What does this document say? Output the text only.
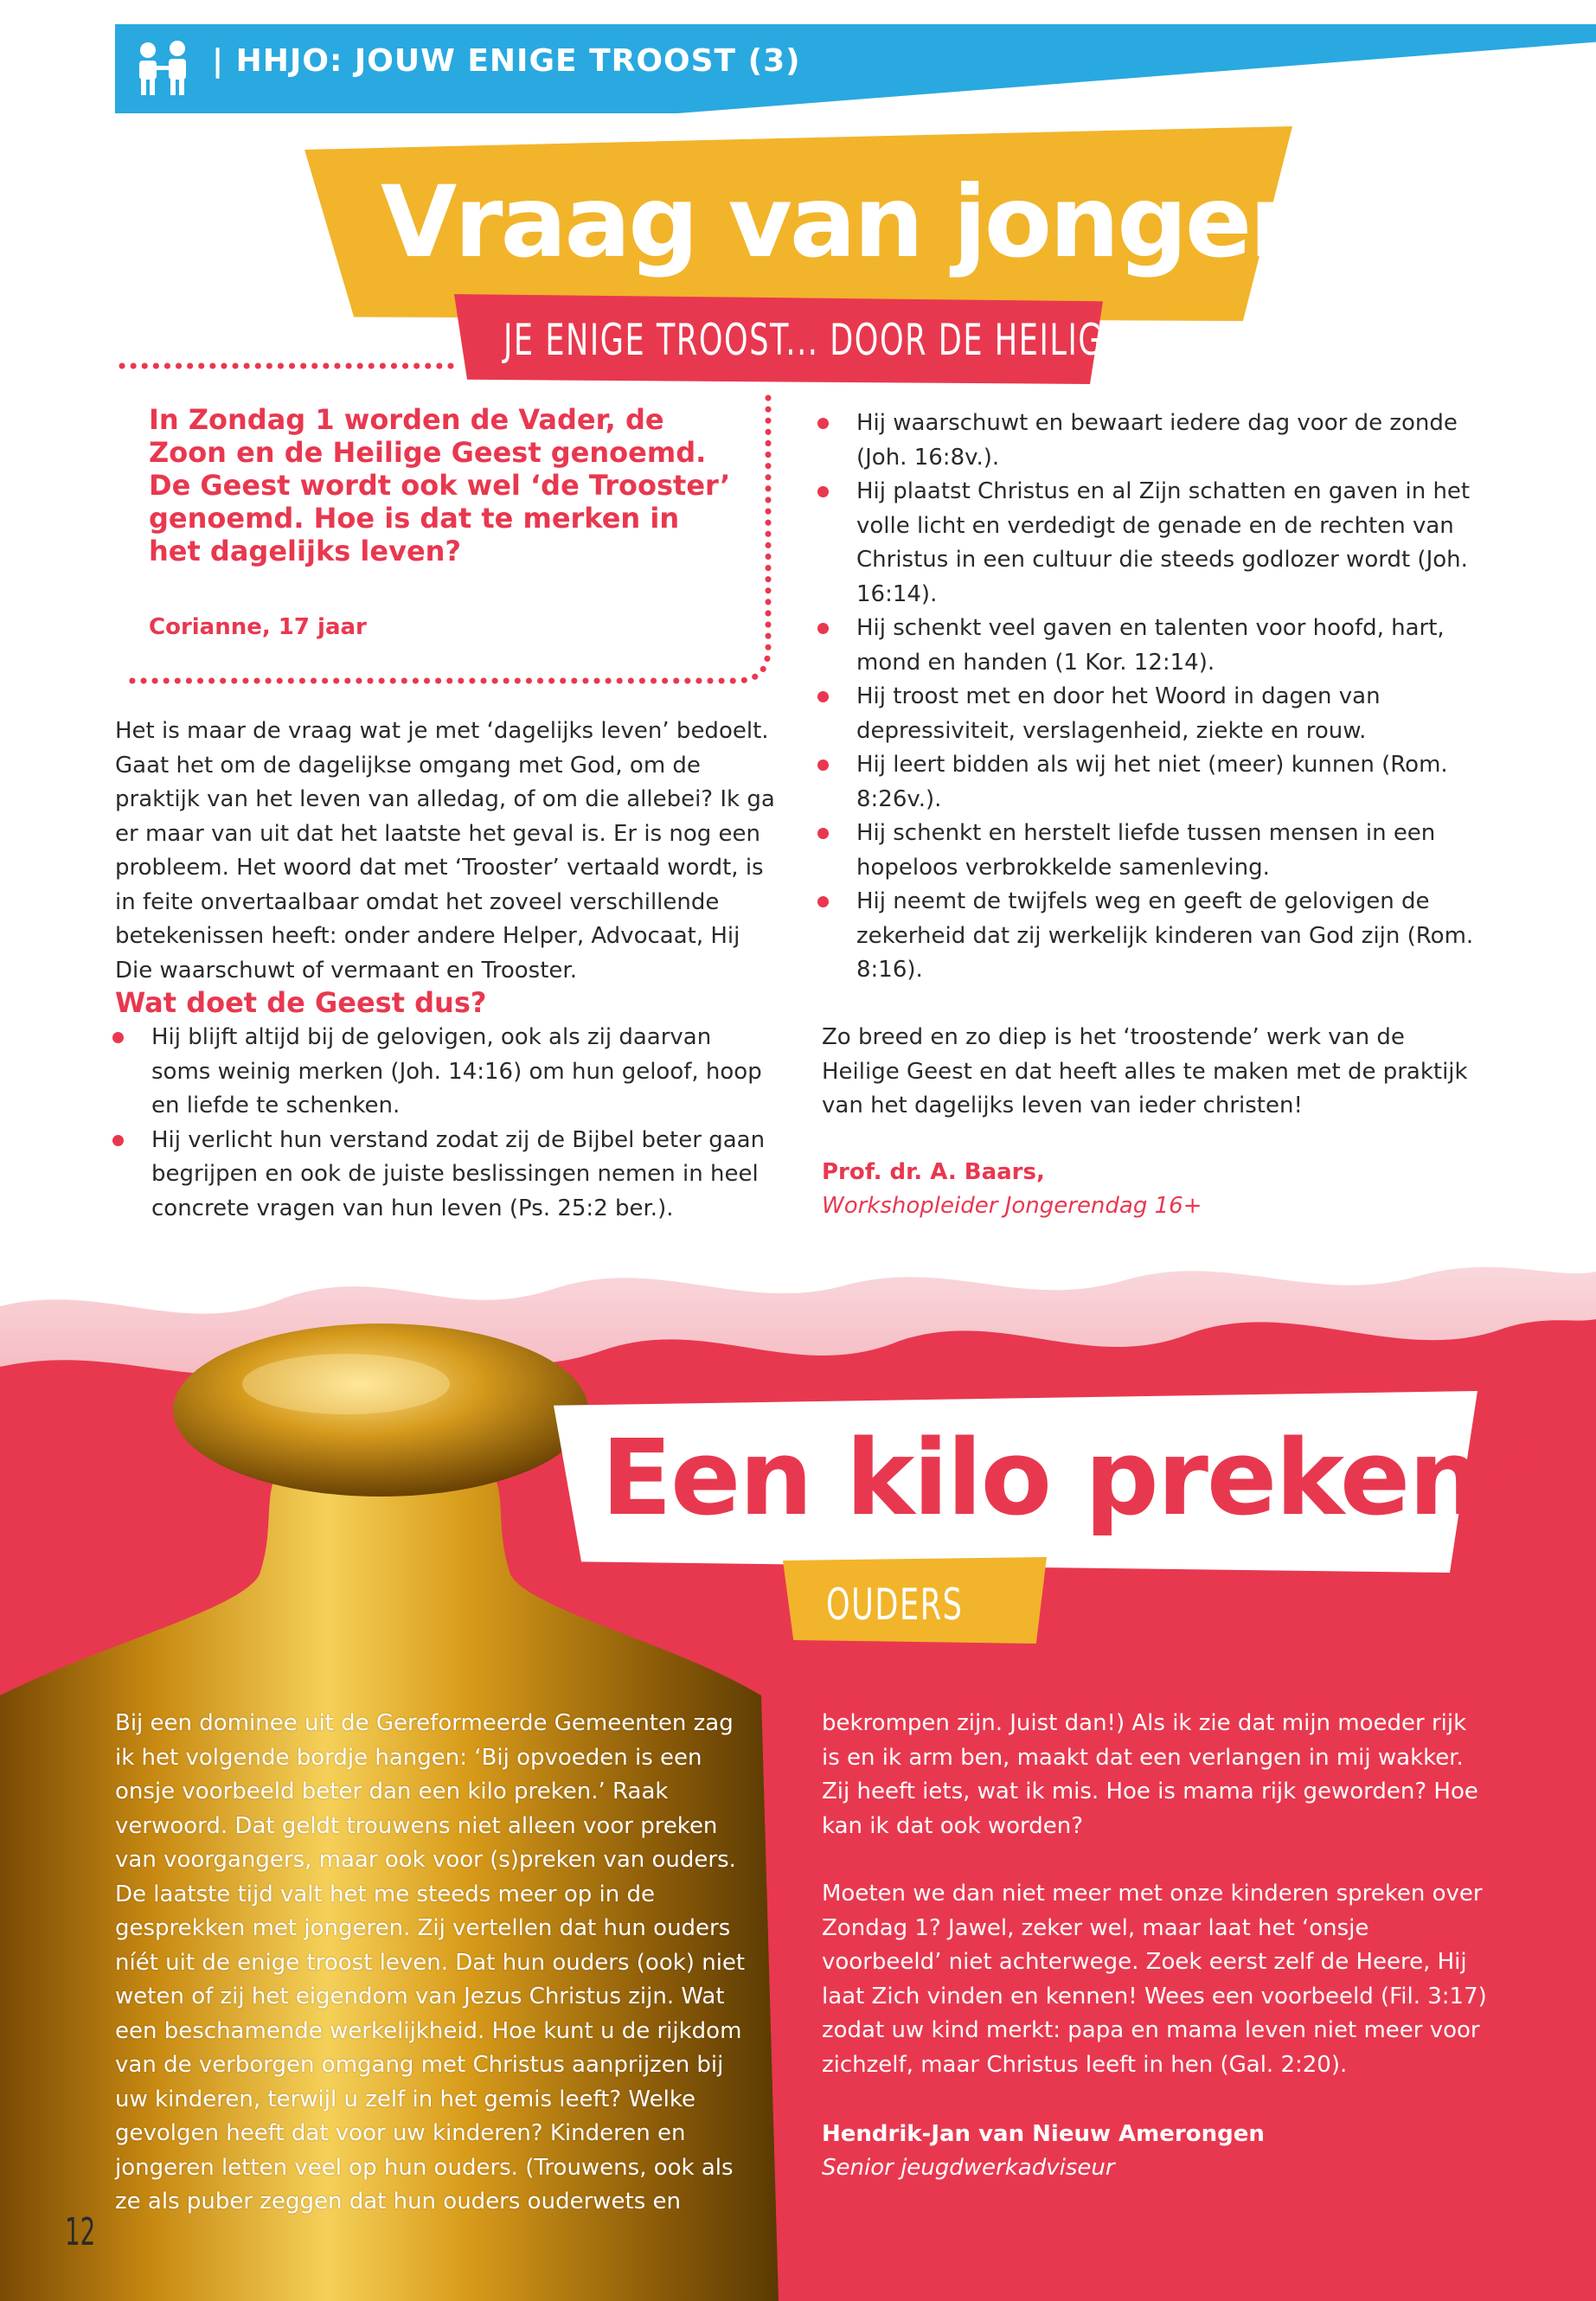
| HHJO: JOUW ENIGE TROOST (3)
Vraag van jongere
JE ENIGE TROOST... DOOR DE HEILIGE GEEST
In Zondag 1 worden de Vader, de Zoon en de Heilige Geest genoemd. De Geest wordt ook wel ‘de Trooster’ genoemd. Hoe is dat te merken in het dagelijks leven?
Corianne, 17 jaar
Het is maar de vraag wat je met ‘dagelijks leven’ bedoelt. Gaat het om de dagelijkse omgang met God, om de praktijk van het leven van alledag, of om die allebei? Ik ga er maar van uit dat het laatste het geval is. Er is nog een probleem. Het woord dat met ‘Trooster’ vertaald wordt, is in feite onvertaalbaar omdat het zoveel verschillende betekenissen heeft: onder andere Helper, Advocaat, Hij Die waarschuwt of vermaant en Trooster.
Wat doet de Geest dus?
Hij blijft altijd bij de gelovigen, ook als zij daarvan soms weinig merken (Joh. 14:16) om hun geloof, hoop en liefde te schenken.
Hij verlicht hun verstand zodat zij de Bijbel beter gaan begrijpen en ook de juiste beslissingen nemen in heel concrete vragen van hun leven (Ps. 25:2 ber.).
Hij waarschuwt en bewaart iedere dag voor de zonde (Joh. 16:8v.).
Hij plaatst Christus en al Zijn schatten en gaven in het volle licht en verdedigt de genade en de rechten van Christus in een cultuur die steeds godlozer wordt (Joh. 16:14).
Hij schenkt veel gaven en talenten voor hoofd, hart, mond en handen (1 Kor. 12:14).
Hij troost met en door het Woord in dagen van depressiviteit, verslagenheid, ziekte en rouw.
Hij leert bidden als wij het niet (meer) kunnen (Rom. 8:26v.).
Hij schenkt en herstelt liefde tussen mensen in een hopeloos verbrokkelde samenleving.
Hij neemt de twijfels weg en geeft de gelovigen de zekerheid dat zij werkelijk kinderen van God zijn (Rom. 8:16).
Zo breed en zo diep is het ‘troostende’ werk van de Heilige Geest en dat heeft alles te maken met de praktijk van het dagelijks leven van ieder christen!
Prof. dr. A. Baars,
Workshopleider Jongerendag 16+
Een kilo preken?
OUDERS
Bij een dominee uit de Gereformeerde Gemeenten zag ik het volgende bordje hangen: ‘Bij opvoeden is een onsje voorbeeld beter dan een kilo preken.’ Raak verwoord. Dat geldt trouwens niet alleen voor preken van voorgangers, maar ook voor (s)preken van ouders. De laatste tijd valt het me steeds meer op in de gesprekken met jongeren. Zij vertellen dat hun ouders níét uit de enige troost leven. Dat hun ouders (ook) niet weten of zij het eigendom van Jezus Christus zijn. Wat een beschamende werkelijkheid. Hoe kunt u de rijkdom van de verborgen omgang met Christus aanprijzen bij uw kinderen, terwijl u zelf in het gemis leeft? Welke gevolgen heeft dat voor uw kinderen? Kinderen en jongeren letten veel op hun ouders. (Trouwens, ook als ze als puber zeggen dat hun ouders ouderwets en
bekrompen zijn. Juist dan!) Als ik zie dat mijn moeder rijk is en ik arm ben, maakt dat een verlangen in mij wakker. Zij heeft iets, wat ik mis. Hoe is mama rijk geworden? Hoe kan ik dat ook worden?
Moeten we dan niet meer met onze kinderen spreken over Zondag 1? Jawel, zeker wel, maar laat het ‘onsje voorbeeld’ niet achterwege. Zoek eerst zelf de Heere, Hij laat Zich vinden en kennen! Wees een voorbeeld (Fil. 3:17) zodat uw kind merkt: papa en mama leven niet meer voor zichzelf, maar Christus leeft in hen (Gal. 2:20).
Hendrik-Jan van Nieuw Amerongen
Senior jeugdwerkadviseur
12
